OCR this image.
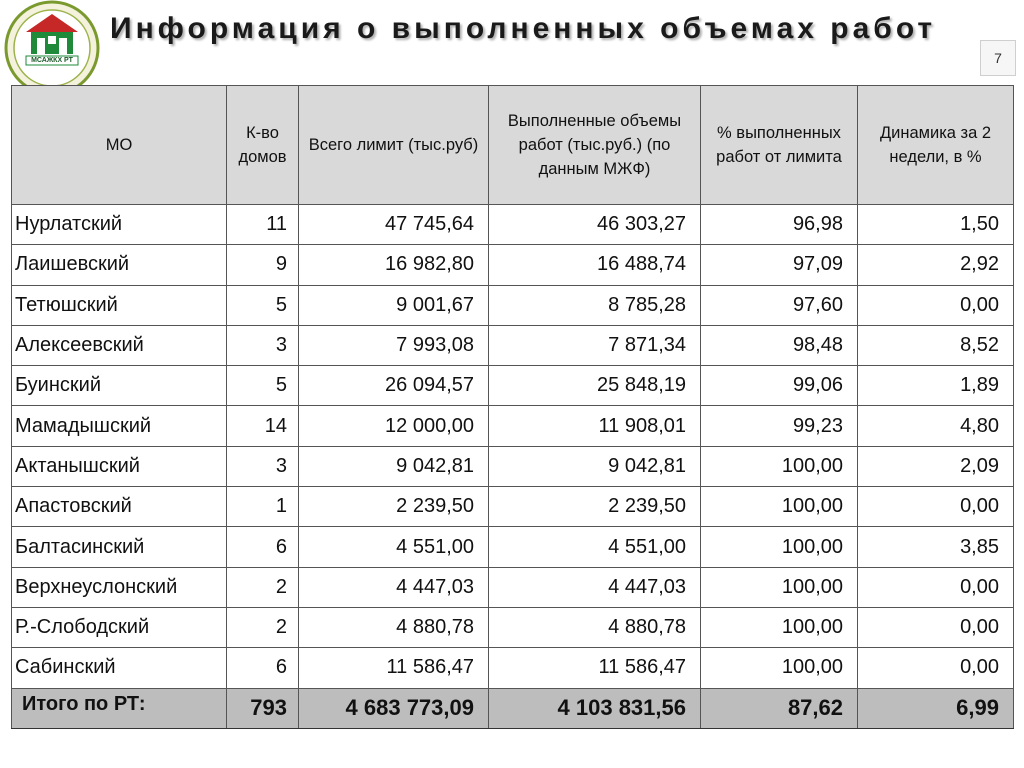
МСАЖКХ РТ
Информация о выполненных объемах работ
7
МО	К-во домов	Всего лимит (тыс.руб)	Выполненные объемы работ (тыс.руб.) (по данным МЖФ)	% выполненных работ от лимита	Динамика за 2 недели, в %
Нурлатский	11	47 745,64	46 303,27	96,98	1,50
Лаишевский	9	16 982,80	16 488,74	97,09	2,92
Тетюшский	5	9 001,67	8 785,28	97,60	0,00
Алексеевский	3	7 993,08	7 871,34	98,48	8,52
Буинский	5	26 094,57	25 848,19	99,06	1,89
Мамадышский	14	12 000,00	11 908,01	99,23	4,80
Актанышский	3	9 042,81	9 042,81	100,00	2,09
Апастовский	1	2 239,50	2 239,50	100,00	0,00
Балтасинский	6	4 551,00	4 551,00	100,00	3,85
Верхнеуслонский	2	4 447,03	4 447,03	100,00	0,00
Р.-Слободский	2	4 880,78	4 880,78	100,00	0,00
Сабинский	6	11 586,47	11 586,47	100,00	0,00
Итого по РТ:	793	4 683 773,09	4 103 831,56	87,62	6,99
